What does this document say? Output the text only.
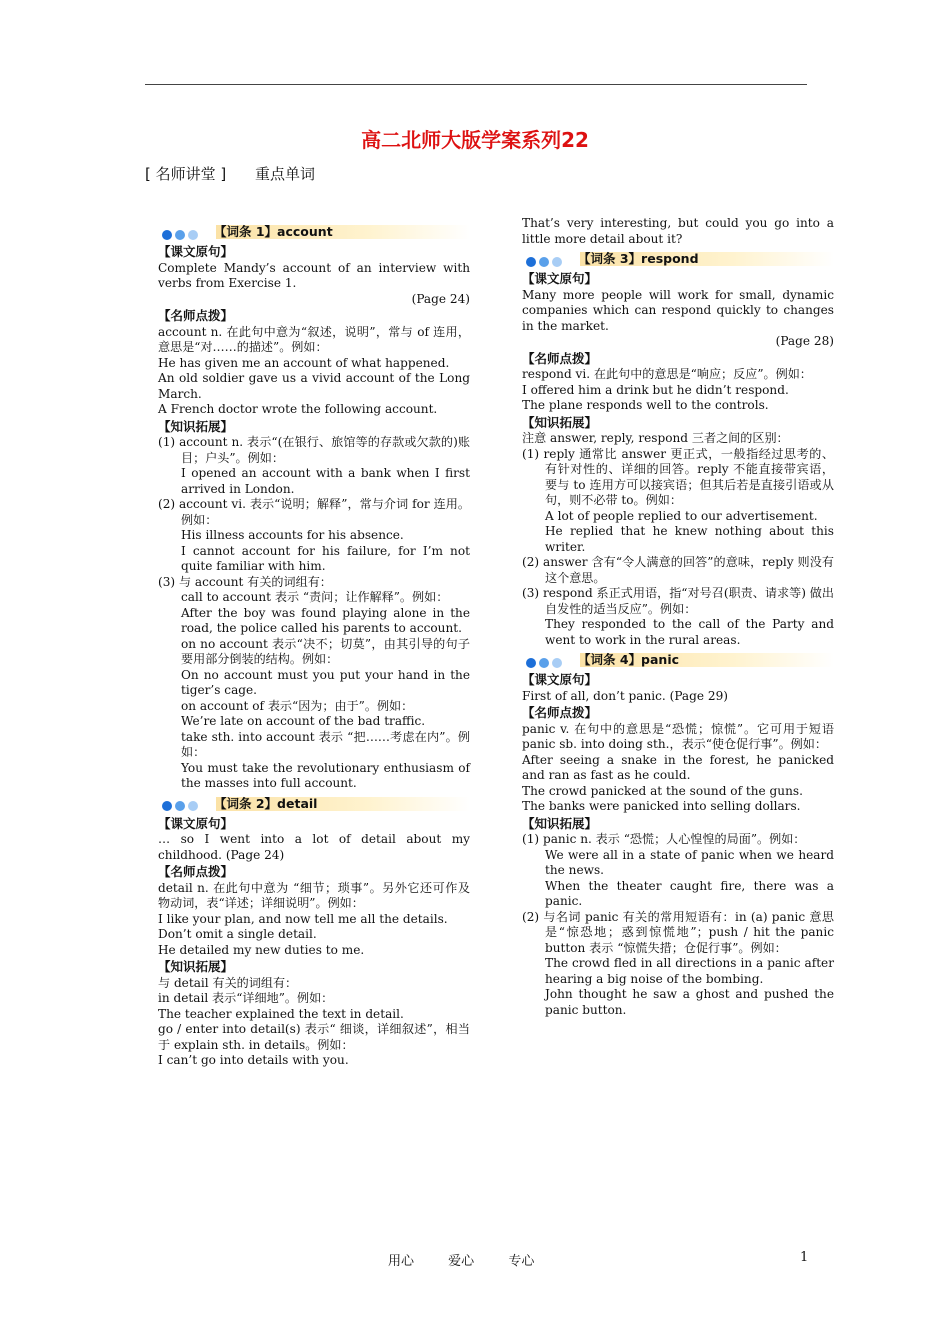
高二北师大版学案系列22
[ 名师讲堂 ] 重点单词
【词条 1】account

【课文原句】

Complete Mandy’s account of an interview with verbs from Exercise 1.

(Page 24)

【名师点拨】

account n. 在此句中意为“叙述，说明”，常与 of 连用，意思是“对……的描述”。例如：

He has given me an account of what happened.

An old soldier gave us a vivid account of the Long March.

A French doctor wrote the following account.

【知识拓展】

(1) account n. 表示“(在银行、旅馆等的存款或欠款的)账目；户头”。例如：

I opened an account with a bank when I first arrived in London.

(2) account vi. 表示“说明；解释”，常与介词 for 连用。例如：

His illness accounts for his absence.

I cannot account for his failure, for I’m not quite familiar with him.

(3) 与 account 有关的词组有：

call to account 表示 “责问；让作解释”。例如：

After the boy was found playing alone in the road, the police called his parents to account.

on no account 表示“决不；切莫”，由其引导的句子要用部分倒装的结构。例如：

On no account must you put your hand in the tiger’s cage.

on account of 表示“因为；由于”。例如：

We’re late on account of the bad traffic.

take sth. into account 表示 “把……考虑在内”。例如：

You must take the revolutionary enthusiasm of the masses into full account.

【词条 2】detail

【课文原句】

… so I went into a lot of detail about my childhood. (Page 24)

【名师点拨】

detail n. 在此句中意为 “细节；琐事”。另外它还可作及物动词，表“详述；详细说明”。例如：

I like your plan, and now tell me all the details.

Don’t omit a single detail.

He detailed my new duties to me.

【知识拓展】

与 detail 有关的词组有：

in detail 表示“详细地”。例如：

The teacher explained the text in detail.

go / enter into detail(s) 表示“ 细谈，详细叙述”，相当于 explain sth. in details。例如：

I can’t go into details with you.

That’s very interesting, but could you go into a little more detail about it?

【词条 3】respond

【课文原句】

Many more people will work for small, dynamic companies which can respond quickly to changes in the market.

(Page 28)

【名师点拨】

respond vi. 在此句中的意思是“响应；反应”。例如：

I offered him a drink but he didn’t respond.

The plane responds well to the controls.

【知识拓展】

注意 answer, reply, respond 三者之间的区别：

(1) reply 通常比 answer 更正式，一般指经过思考的、有针对性的、详细的回答。reply 不能直接带宾语，要与 to 连用方可以接宾语；但其后若是直接引语或从句，则不必带 to。例如：

A lot of people replied to our advertisement.

He replied that he knew nothing about this writer.

(2) answer 含有“令人满意的回答”的意味，reply 则没有这个意思。

(3) respond 系正式用语，指“对号召(职责、请求等) 做出自发性的适当反应”。例如：

They responded to the call of the Party and went to work in the rural areas.

【词条 4】panic

【课文原句】

First of all, don’t panic. (Page 29)

【名师点拨】

panic v. 在句中的意思是“恐慌；惊慌”。它可用于短语 panic sb. into doing sth.，表示“使仓促行事”。例如：

After seeing a snake in the forest, he panicked and ran as fast as he could.

The crowd panicked at the sound of the guns.

The banks were panicked into selling dollars.

【知识拓展】

(1) panic n. 表示 “恐慌；人心惶惶的局面”。例如：

We were all in a state of panic when we heard the news.

When the theater caught fire, there was a panic.

(2) 与名词 panic 有关的常用短语有：in (a) panic 意思是“惊恐地；惑到惊慌地”；push / hit the panic button 表示 “惊慌失措；仓促行事”。例如：

The crowd fled in all directions in a panic after hearing a big noise of the bombing.

John thought he saw a ghost and pushed the panic button.

用心	爱心	专心	1
